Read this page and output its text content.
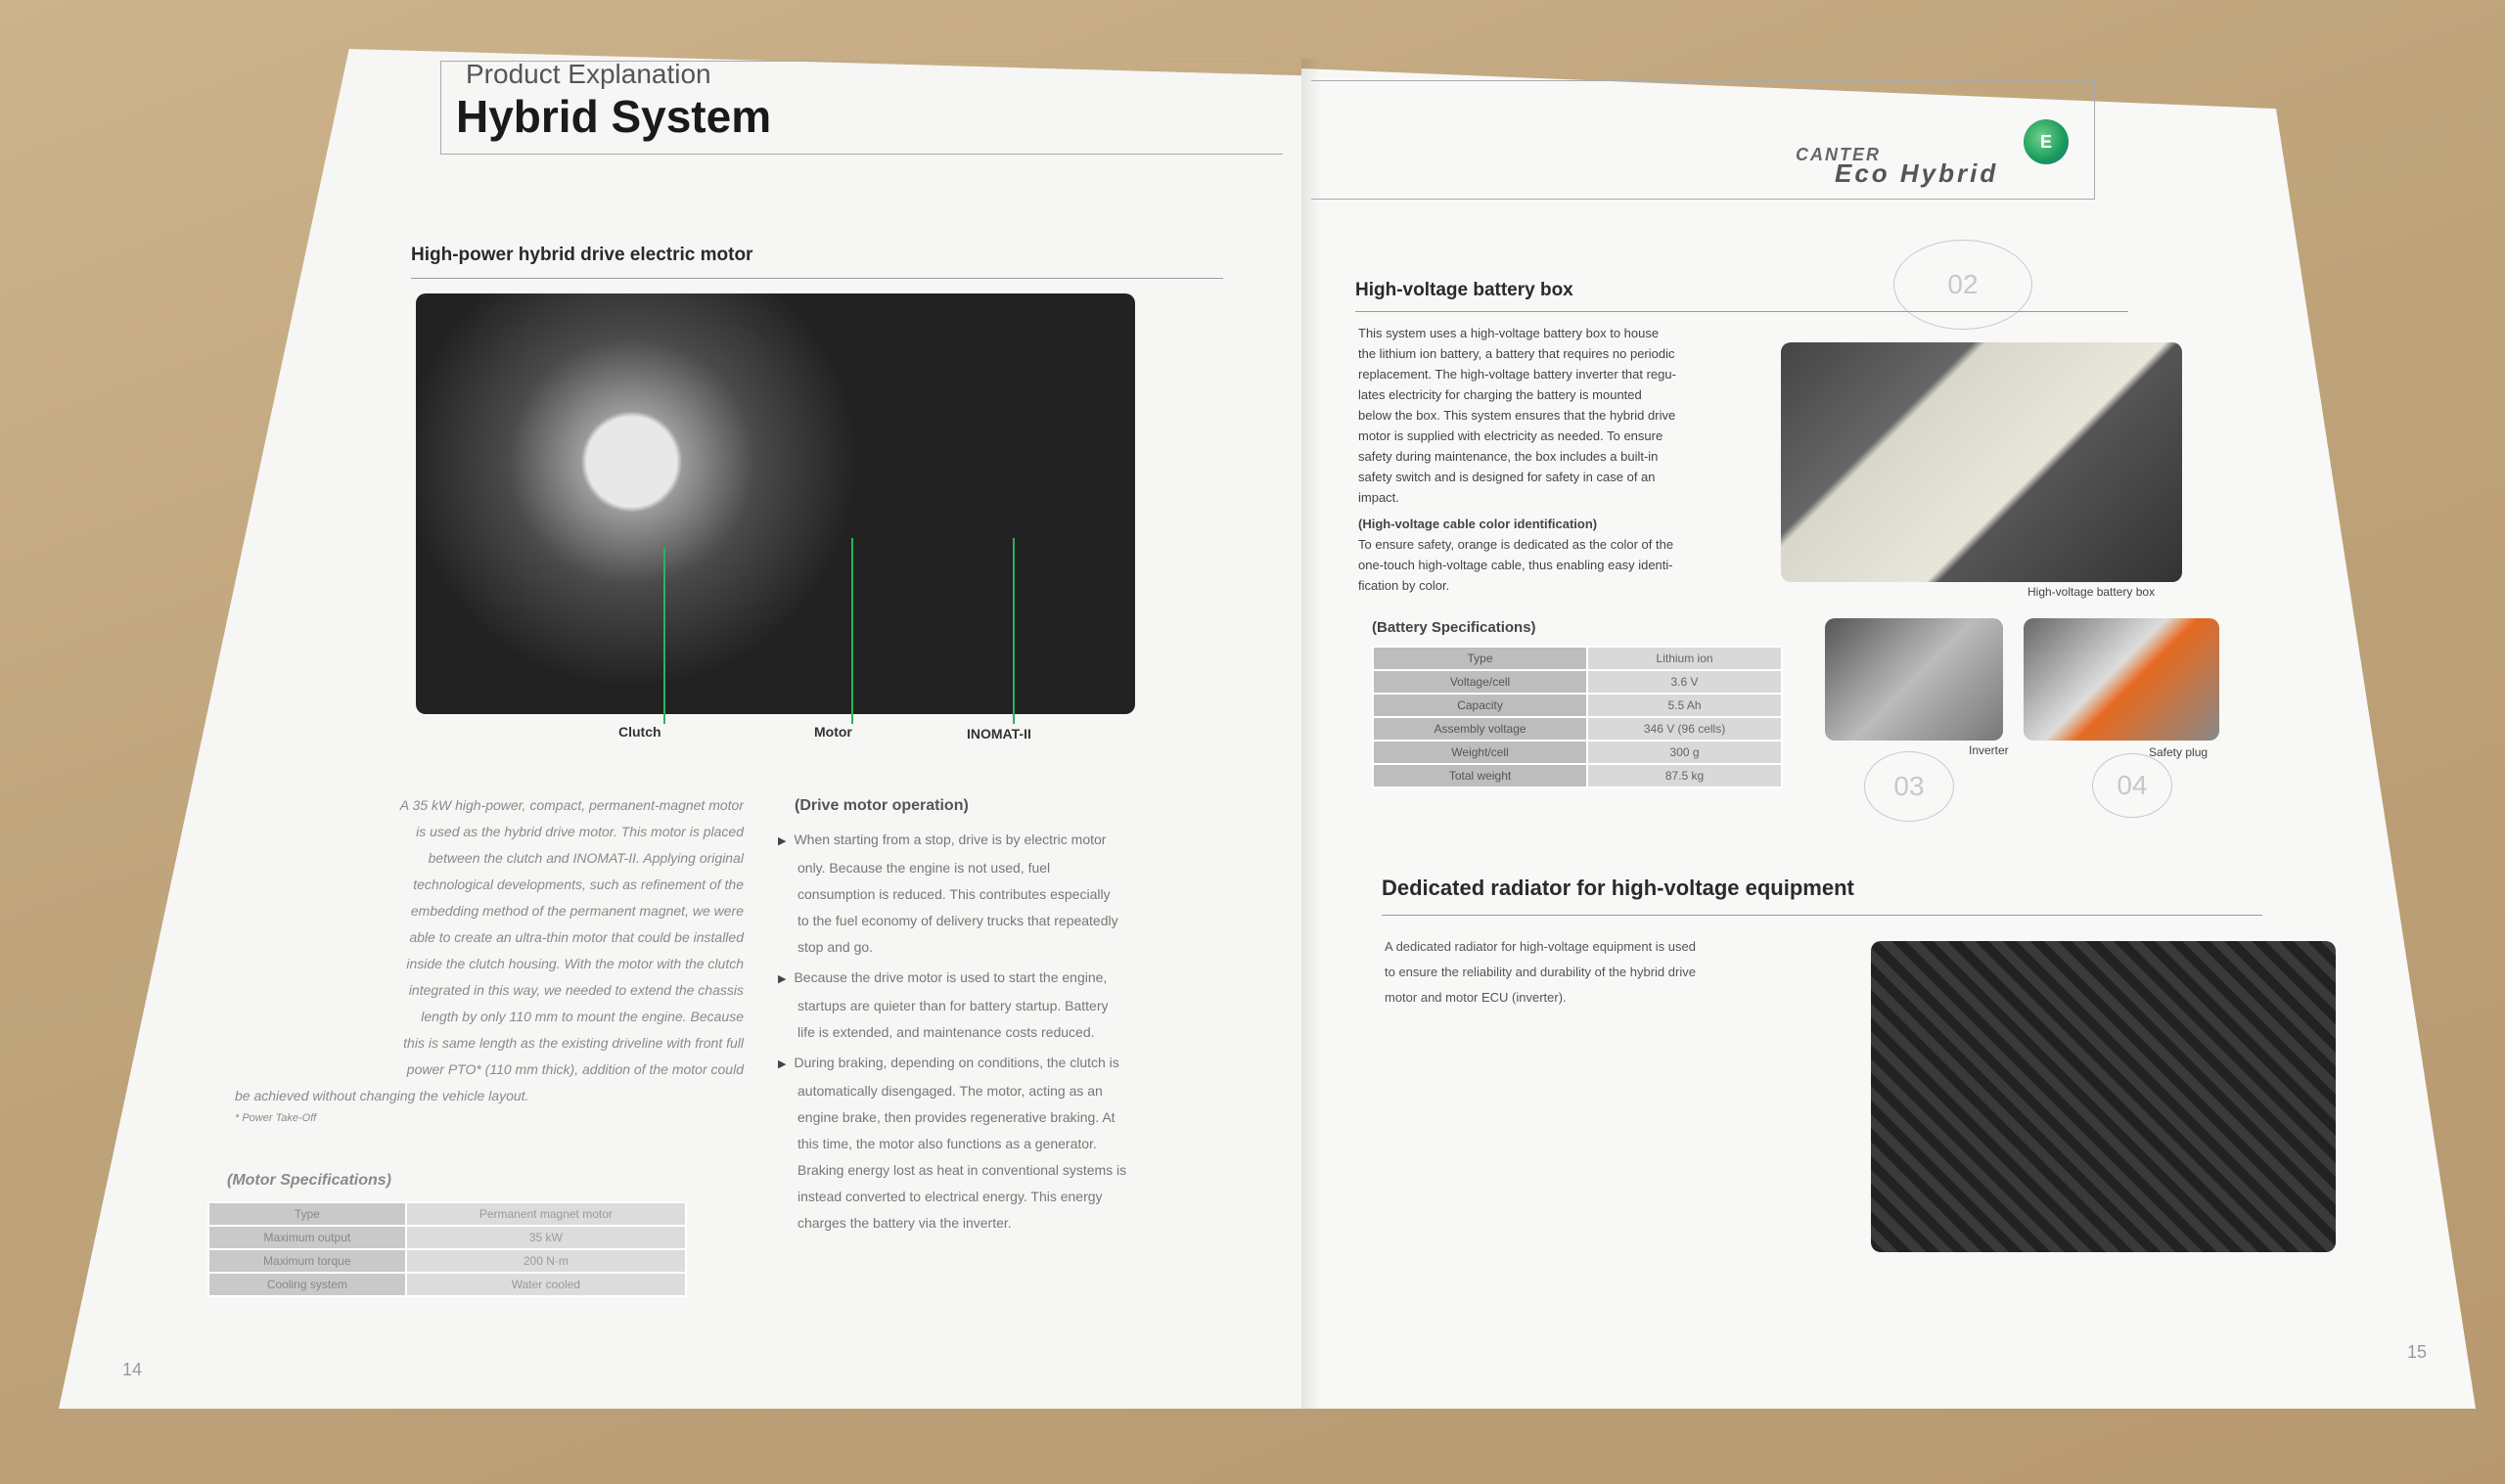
Product Explanation
Hybrid System
High-power hybrid drive electric motor
Clutch	Motor	INOMAT-II
A 35 kW high-power, compact, permanent-magnet motor
is used as the hybrid drive motor. This motor is placed
between the clutch and INOMAT-II. Applying original
technological developments, such as refinement of the
embedding method of the permanent magnet, we were
able to create an ultra-thin motor that could be installed
inside the clutch housing. With the motor with the clutch
integrated in this way, we needed to extend the chassis
length by only 110 mm to mount the engine. Because
this is same length as the existing driveline with front full
power PTO* (110 mm thick), addition of the motor could
be achieved without changing the vehicle layout.
* Power Take-Off
(Motor Specifications)
Type	Permanent magnet motor
Maximum output	35 kW
Maximum torque	200 N·m
Cooling system	Water cooled
(Drive motor operation)
▶ When starting from a stop, drive is by electric motor
only. Because the engine is not used, fuel
consumption is reduced. This contributes especially
to the fuel economy of delivery trucks that repeatedly
stop and go.
▶ Because the drive motor is used to start the engine,
startups are quieter than for battery startup. Battery
life is extended, and maintenance costs reduced.
▶ During braking, depending on conditions, the clutch is
automatically disengaged. The motor, acting as an
engine brake, then provides regenerative braking. At
this time, the motor also functions as a generator.
Braking energy lost as heat in conventional systems is
instead converted to electrical energy. This energy
charges the battery via the inverter.
14
E
CANTER
Eco Hybrid
02
High-voltage battery box
This system uses a high-voltage battery box to house
the lithium ion battery, a battery that requires no periodic
replacement. The high-voltage battery inverter that regu-
lates electricity for charging the battery is mounted
below the box. This system ensures that the hybrid drive
motor is supplied with electricity as needed. To ensure
safety during maintenance, the box includes a built-in
safety switch and is designed for safety in case of an
impact.
(High-voltage cable color identification)
To ensure safety, orange is dedicated as the color of the
one-touch high-voltage cable, thus enabling easy identi-
fication by color.	High-voltage battery box
(Battery Specifications)
Type	Lithium ion
Voltage/cell	3.6 V
Capacity	5.5 Ah
Assembly voltage	346 V (96 cells)
Weight/cell	300 g
Total weight	87.5 kg
Inverter	Safety plug
03	04
Dedicated radiator for high-voltage equipment
A dedicated radiator for high-voltage equipment is used
to ensure the reliability and durability of the hybrid drive
motor and motor ECU (inverter).
15
